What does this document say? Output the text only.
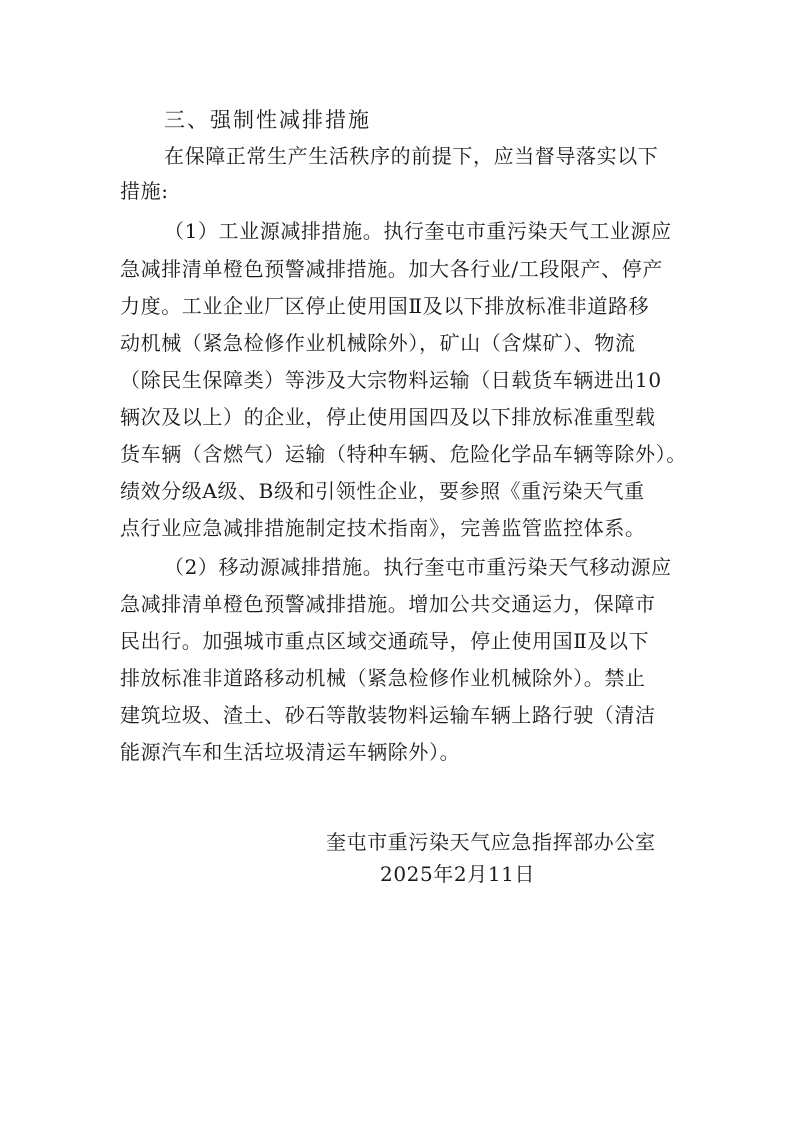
三、强制性减排措施
在保障正常生产生活秩序的前提下，应当督导落实以下
措施:
（1）工业源减排措施。执行奎屯市重污染天气工业源应
急减排清单橙色预警减排措施。加大各行业/工段限产、停产
力度。工业企业厂区停止使用国Ⅱ及以下排放标准非道路移
动机械（紧急检修作业机械除外），矿山（含煤矿）、物流
（除民生保障类）等涉及大宗物料运输（日载货车辆进出10
辆次及以上）的企业，停止使用国四及以下排放标准重型载
货车辆（含燃气）运输（特种车辆、危险化学品车辆等除外）。
绩效分级A级、B级和引领性企业，要参照《重污染天气重
点行业应急减排措施制定技术指南》，完善监管监控体系。
（2）移动源减排措施。执行奎屯市重污染天气移动源应
急减排清单橙色预警减排措施。增加公共交通运力，保障市
民出行。加强城市重点区域交通疏导，停止使用国Ⅱ及以下
排放标准非道路移动机械（紧急检修作业机械除外）。禁止
建筑垃圾、渣土、砂石等散装物料运输车辆上路行驶（清洁
能源汽车和生活垃圾清运车辆除外）。
奎屯市重污染天气应急指挥部办公室
2025年2月11日
